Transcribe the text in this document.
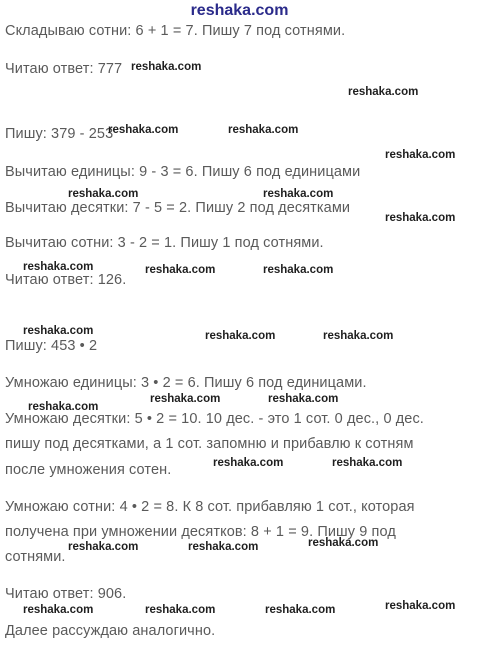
reshaka.com
Складываю сотни: 6 + 1 = 7. Пишу 7 под сотнями.
Читаю ответ: 777
Пишу: 379 - 253
Вычитаю единицы: 9 - 3 = 6. Пишу 6 под единицами
Вычитаю десятки: 7 - 5 = 2. Пишу 2 под десятками
Вычитаю сотни: 3 - 2 = 1. Пишу 1 под сотнями.
Читаю ответ: 126.
Пишу: 453 • 2
Умножаю единицы: 3 • 2 = 6. Пишу 6 под единицами.
Умножаю десятки: 5 • 2 = 10. 10 дес. - это 1 сот. 0 дес., 0 дес.
пишу под десятками, а 1 сот. запомню и прибавлю к сотням
после умножения сотен.
Умножаю сотни: 4 • 2 = 8. К 8 сот. прибавляю 1 сот., которая
получена при умножении десятков: 8 + 1 = 9. Пишу 9 под
сотнями.
Читаю ответ: 906.
Далее рассуждаю аналогично.
reshaka.com
reshaka.com
reshaka.com	reshaka.com
reshaka.com
reshaka.com	reshaka.com
reshaka.com
reshaka.com	reshaka.com	reshaka.com
reshaka.com	reshaka.com	reshaka.com
reshaka.com
reshaka.com	reshaka.com
reshaka.com	reshaka.com
reshaka.com	reshaka.com	reshaka.com
reshaka.com	reshaka.com	reshaka.com	reshaka.com
